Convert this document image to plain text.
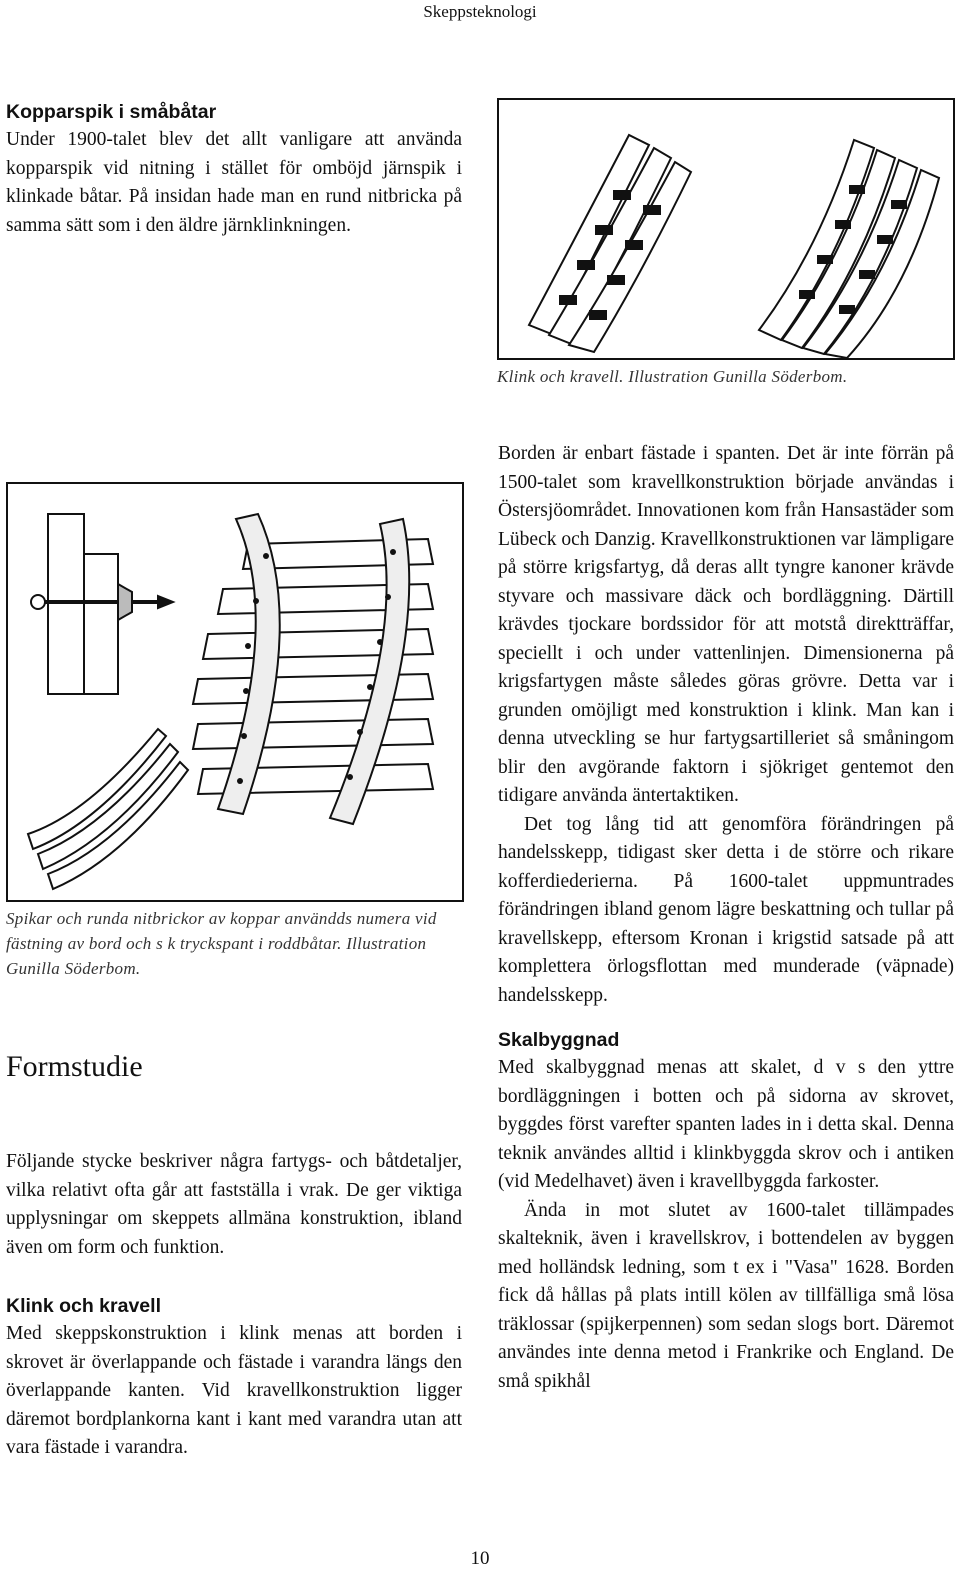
Skeppsteknologi
Kopparspik i småbåtar

Under 1900-talet blev det allt vanligare att använda kopparspik vid nitning i stället för omböjd järnspik i klinkade båtar. På insidan hade man en rund nitbricka på samma sätt som i den äldre järnklinkningen.

Klink och kravell. Illustration Gunilla Söderbom.
Spikar och runda nitbrickor av koppar användds numera vid fästning av bord och s k tryckspant i roddbåtar. Illustration Gunilla Söderbom.
Formstudie

Följande stycke beskriver några fartygs- och båtdetaljer, vilka relativt ofta går att fastställa i vrak. De ger viktiga upplysningar om skeppets allmäna konstruktion, ibland även om form och funktion.

Klink och kravell

Med skeppskonstruktion i klink menas att borden i skrovet är överlappande och fästade i varandra längs den överlappande kanten. Vid kravellkonstruktion ligger däremot bordplankorna kant i kant med varandra utan att vara fästade i varandra.

Borden är enbart fästade i spanten. Det är inte förrän på 1500-talet som kravellkonstruktion började användas i Östersjöområdet. Innovationen kom från Hansastäder som Lübeck och Danzig. Kravellkonstruktionen var lämpligare på större krigsfartyg, då deras allt tyngre kanoner krävde styvare och massivare däck och bordläggning. Därtill krävdes tjockare bordssidor för att motstå direktträffar, speciellt i och under vattenlinjen. Dimensionerna på krigsfartygen måste således göras grövre. Detta var i grunden omöjligt med konstruktion i klink. Man kan i denna utveckling se hur fartygsartilleriet så småningom blir den avgörande faktorn i sjökriget gentemot den tidigare använda äntertaktiken.

Det tog lång tid att genomföra förändringen på handelsskepp, tidigast sker detta i de större och rikare kofferdiederierna. På 1600-talet uppmuntrades förändringen ibland genom lägre beskattning och tullar på kravellskepp, eftersom Kronan i krigstid satsade på att komplettera örlogsflottan med munderade (väpnade) handelsskepp.

Skalbyggnad

Med skalbyggnad menas att skalet, d v s den yttre bordläggningen i botten och på sidorna av skrovet, byggdes först varefter spanten lades in i detta skal. Denna teknik användes alltid i klinkbyggda skrov och i antiken (vid Medelhavet) även i kravellbyggda farkoster.

Ända in mot slutet av 1600-talet tillämpades skalteknik, även i kravellskrov, i bottendelen av byggen med holländsk ledning, som t ex i "Vasa" 1628. Borden fick då hållas på plats intill kölen av tillfälliga små lösa träklossar (spijkerpennen) som sedan slogs bort. Däremot användes inte denna metod i Frankrike och England. De små spikhål

10
